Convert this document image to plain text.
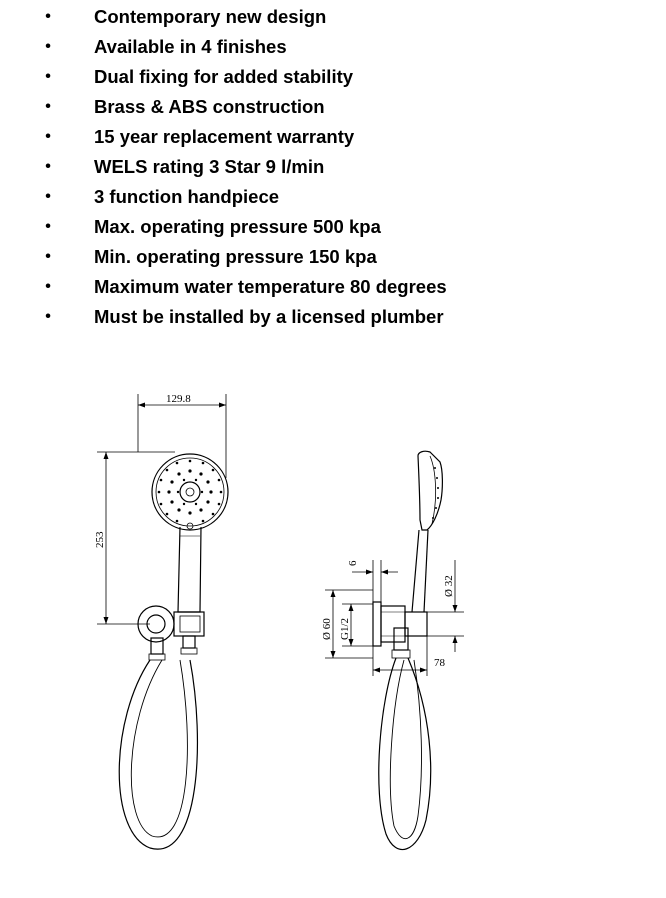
•	Contemporary new design
•	Available in 4 finishes
•	Dual fixing for added stability
•	Brass & ABS construction
•	15 year replacement warranty
•	WELS rating 3 Star 9 l/min
•	3 function handpiece
•	Max. operating pressure 500 kpa
•	Min. operating pressure 150 kpa
•	Maximum water temperature 80 degrees
•	Must be installed by a licensed plumber
129.8
253
6
Ø 60 G1/2
Ø 32
78
